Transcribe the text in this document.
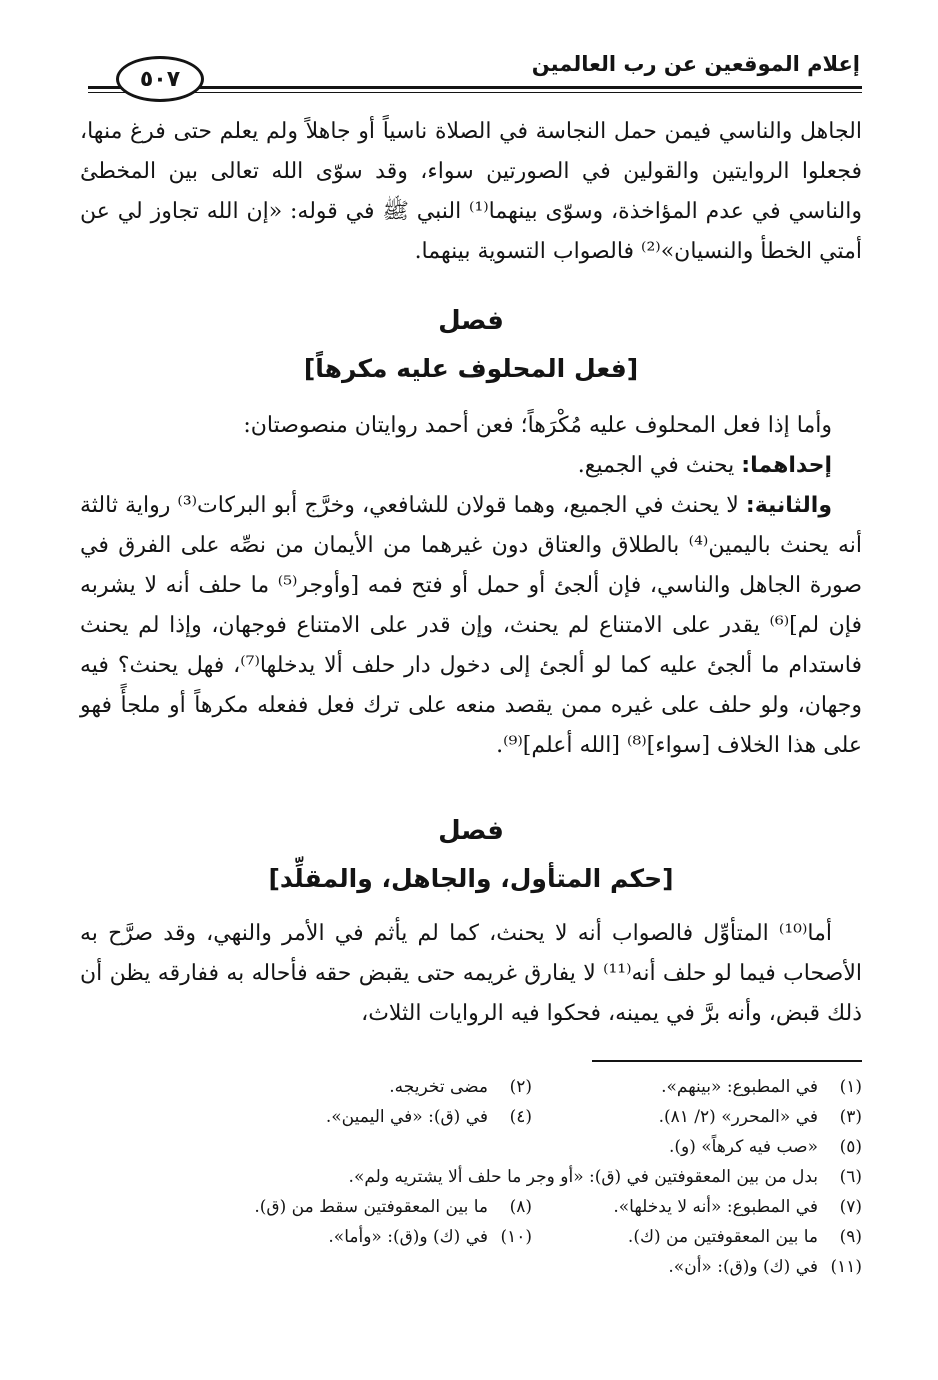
إعلام الموقعين عن رب العالمين
٥٠٧

الجاهل والناسي فيمن حمل النجاسة في الصلاة ناسياً أو جاهلاً ولم يعلم حتى فرغ منها، فجعلوا الروايتين والقولين في الصورتين سواء، وقد سوّى الله تعالى بين المخطئ والناسي في عدم المؤاخذة، وسوّى بينهما⁽¹⁾ النبي ﷺ في قوله: «إن الله تجاوز لي عن أمتي الخطأ والنسيان»⁽²⁾ فالصواب التسوية بينهما.

فصل
[فعل المحلوف عليه مكرهاً]

وأما إذا فعل المحلوف عليه مُكْرَهاً؛ فعن أحمد روايتان منصوصتان:

إحداهما: يحنث في الجميع.

والثانية: لا يحنث في الجميع، وهما قولان للشافعي، وخرَّج أبو البركات⁽³⁾ رواية ثالثة أنه يحنث باليمين⁽⁴⁾ بالطلاق والعتاق دون غيرهما من الأيمان من نصِّه على الفرق في صورة الجاهل والناسي، فإن ألجئ أو حمل أو فتح فمه [وأوجر⁽⁵⁾ ما حلف أنه لا يشربه فإن لم]⁽⁶⁾ يقدر على الامتناع لم يحنث، وإن قدر على الامتناع فوجهان، وإذا لم يحنث فاستدام ما ألجئ عليه كما لو ألجئ إلى دخول دار حلف ألا يدخلها⁽⁷⁾، فهل يحنث؟ فيه وجهان، ولو حلف على غيره ممن يقصد منعه على ترك فعل ففعله مكرهاً أو ملجأً فهو على هذا الخلاف [سواء]⁽⁸⁾ [الله أعلم]⁽⁹⁾.

فصل
[حكم المتأول، والجاهل، والمقلِّد]

أما⁽¹⁰⁾ المتأوِّل فالصواب أنه لا يحنث، كما لم يأثم في الأمر والنهي، وقد صرَّح به الأصحاب فيما لو حلف أنه⁽¹¹⁾ لا يفارق غريمه حتى يقبض حقه فأحاله به ففارقه يظن أن ذلك قبض، وأنه برَّ في يمينه، فحكوا فيه الروايات الثلاث،

(١)في المطبوع: «بينهم».
(٢)مضى تخريجه.
(٣)في «المحرر» (٢/ ٨١).
(٤)في (ق): «في اليمين».
(٥)«صب فيه كرهاً» (و).
(٦)بدل من بين المعقوفتين في (ق): «أو وجر ما حلف ألا يشتريه ولم».
(٧)في المطبوع: «أنه لا يدخلها».
(٨)ما بين المعقوفتين سقط من (ق).
(٩)ما بين المعقوفتين من (ك).
(١٠)في (ك) و(ق): «وأما».
(١١)في (ك) و(ق): «أن».
